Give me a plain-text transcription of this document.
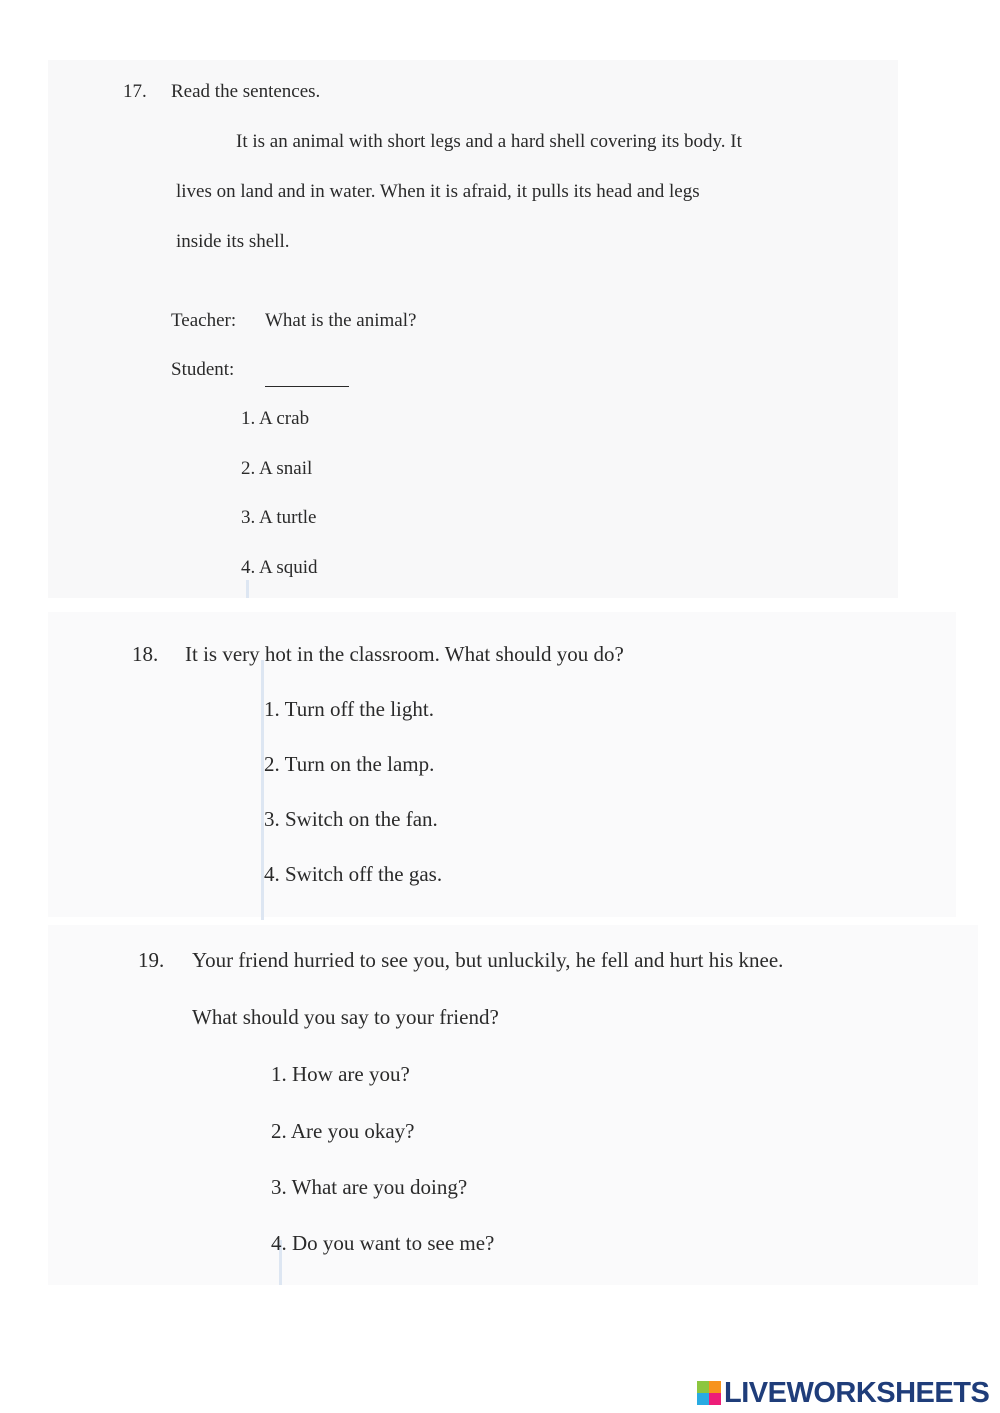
17. Read the sentences.
It is an animal with short legs and a hard shell covering its body. It
lives on land and in water. When it is afraid, it pulls its head and legs
inside its shell.
Teacher: What is the animal?
Student:
1. A crab
2. A snail
3. A turtle
4. A squid
18. It is very hot in the classroom. What should you do?
1. Turn off the light.
2. Turn on the lamp.
3. Switch on the fan.
4. Switch off the gas.
19. Your friend hurried to see you, but unluckily, he fell and hurt his knee.
What should you say to your friend?
1. How are you?
2. Are you okay?
3. What are you doing?
4. Do you want to see me?
LIVEWORKSHEETS
